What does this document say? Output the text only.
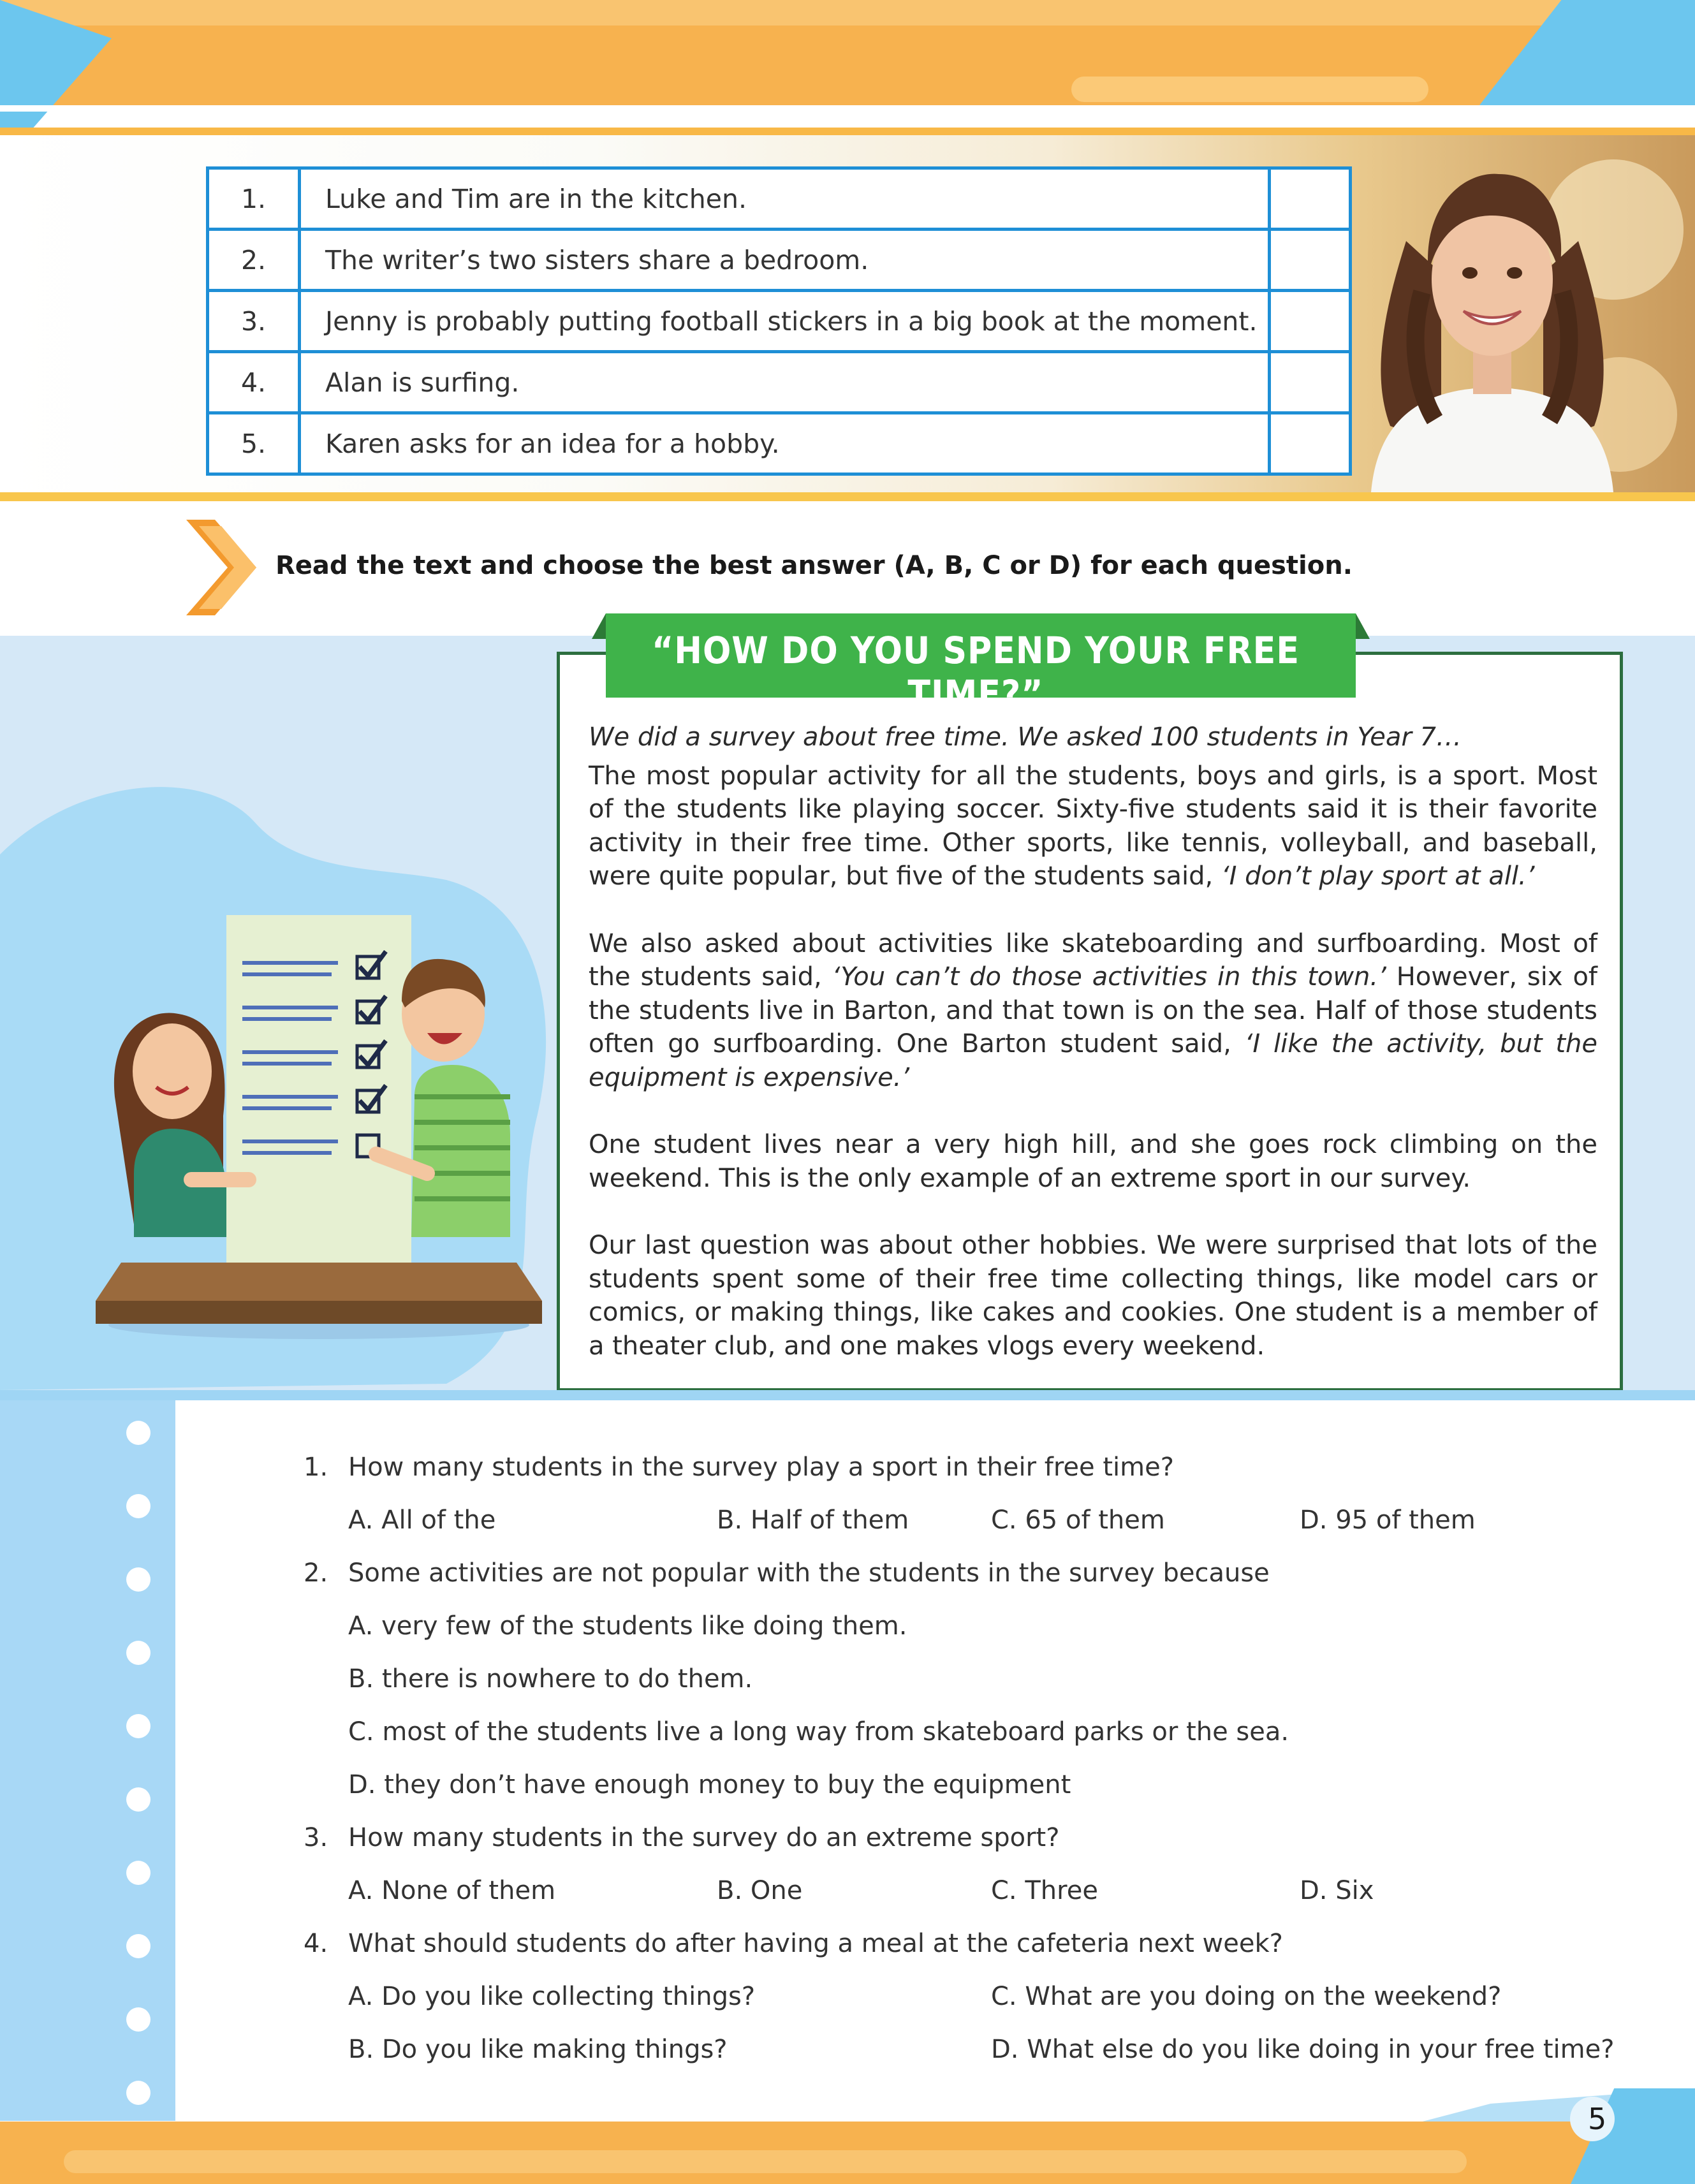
1.	Luke and Tim are in the kitchen.	
2.	The writer’s two sisters share a bedroom.	
3.	Jenny is probably putting football stickers in a big book at the moment.	
4.	Alan is surfing.	
5.	Karen asks for an idea for a hobby.	
03 Read the text and choose the best answer (A, B, C or D) for each question.
“HOW DO YOU SPEND YOUR FREE TIME?”

We did a survey about free time. We asked 100 students in Year 7…

The most popular activity for all the students, boys and girls, is a sport. Most of the students like playing soccer. Sixty-five students said it is their favorite activity in their free time. Other sports, like tennis, volleyball, and baseball, were quite popular, but five of the students said, ‘I don’t play sport at all.’

We also asked about activities like skateboarding and surfboarding. Most of the students said, ‘You can’t do those activities in this town.’ However, six of the students live in Barton, and that town is on the sea. Half of those students often go surfboarding. One Barton student said, ‘I like the activity, but the equipment is expensive.’

One student lives near a very high hill, and she goes rock climbing on the weekend. This is the only example of an extreme sport in our survey.

Our last question was about other hobbies. We were surprised that lots of the students spent some of their free time collecting things, like model cars or comics, or making things, like cakes and cookies. One student is a member of a theater club, and one makes vlogs every weekend.

1. How many students in the survey play a sport in their free time?
A. All of the	B. Half of them	C. 65 of them	D. 95 of them
2. Some activities are not popular with the students in the survey because
A. very few of the students like doing them.
B. there is nowhere to do them.
C. most of the students live a long way from skateboard parks or the sea.
D. they don’t have enough money to buy the equipment
3. How many students in the survey do an extreme sport?
A. None of them	B. One	C. Three	D. Six
4. What should students do after having a meal at the cafeteria next week?
A. Do you like collecting things?	C. What are you doing on the weekend?
B. Do you like making things?	D. What else do you like doing in your free time?
5
